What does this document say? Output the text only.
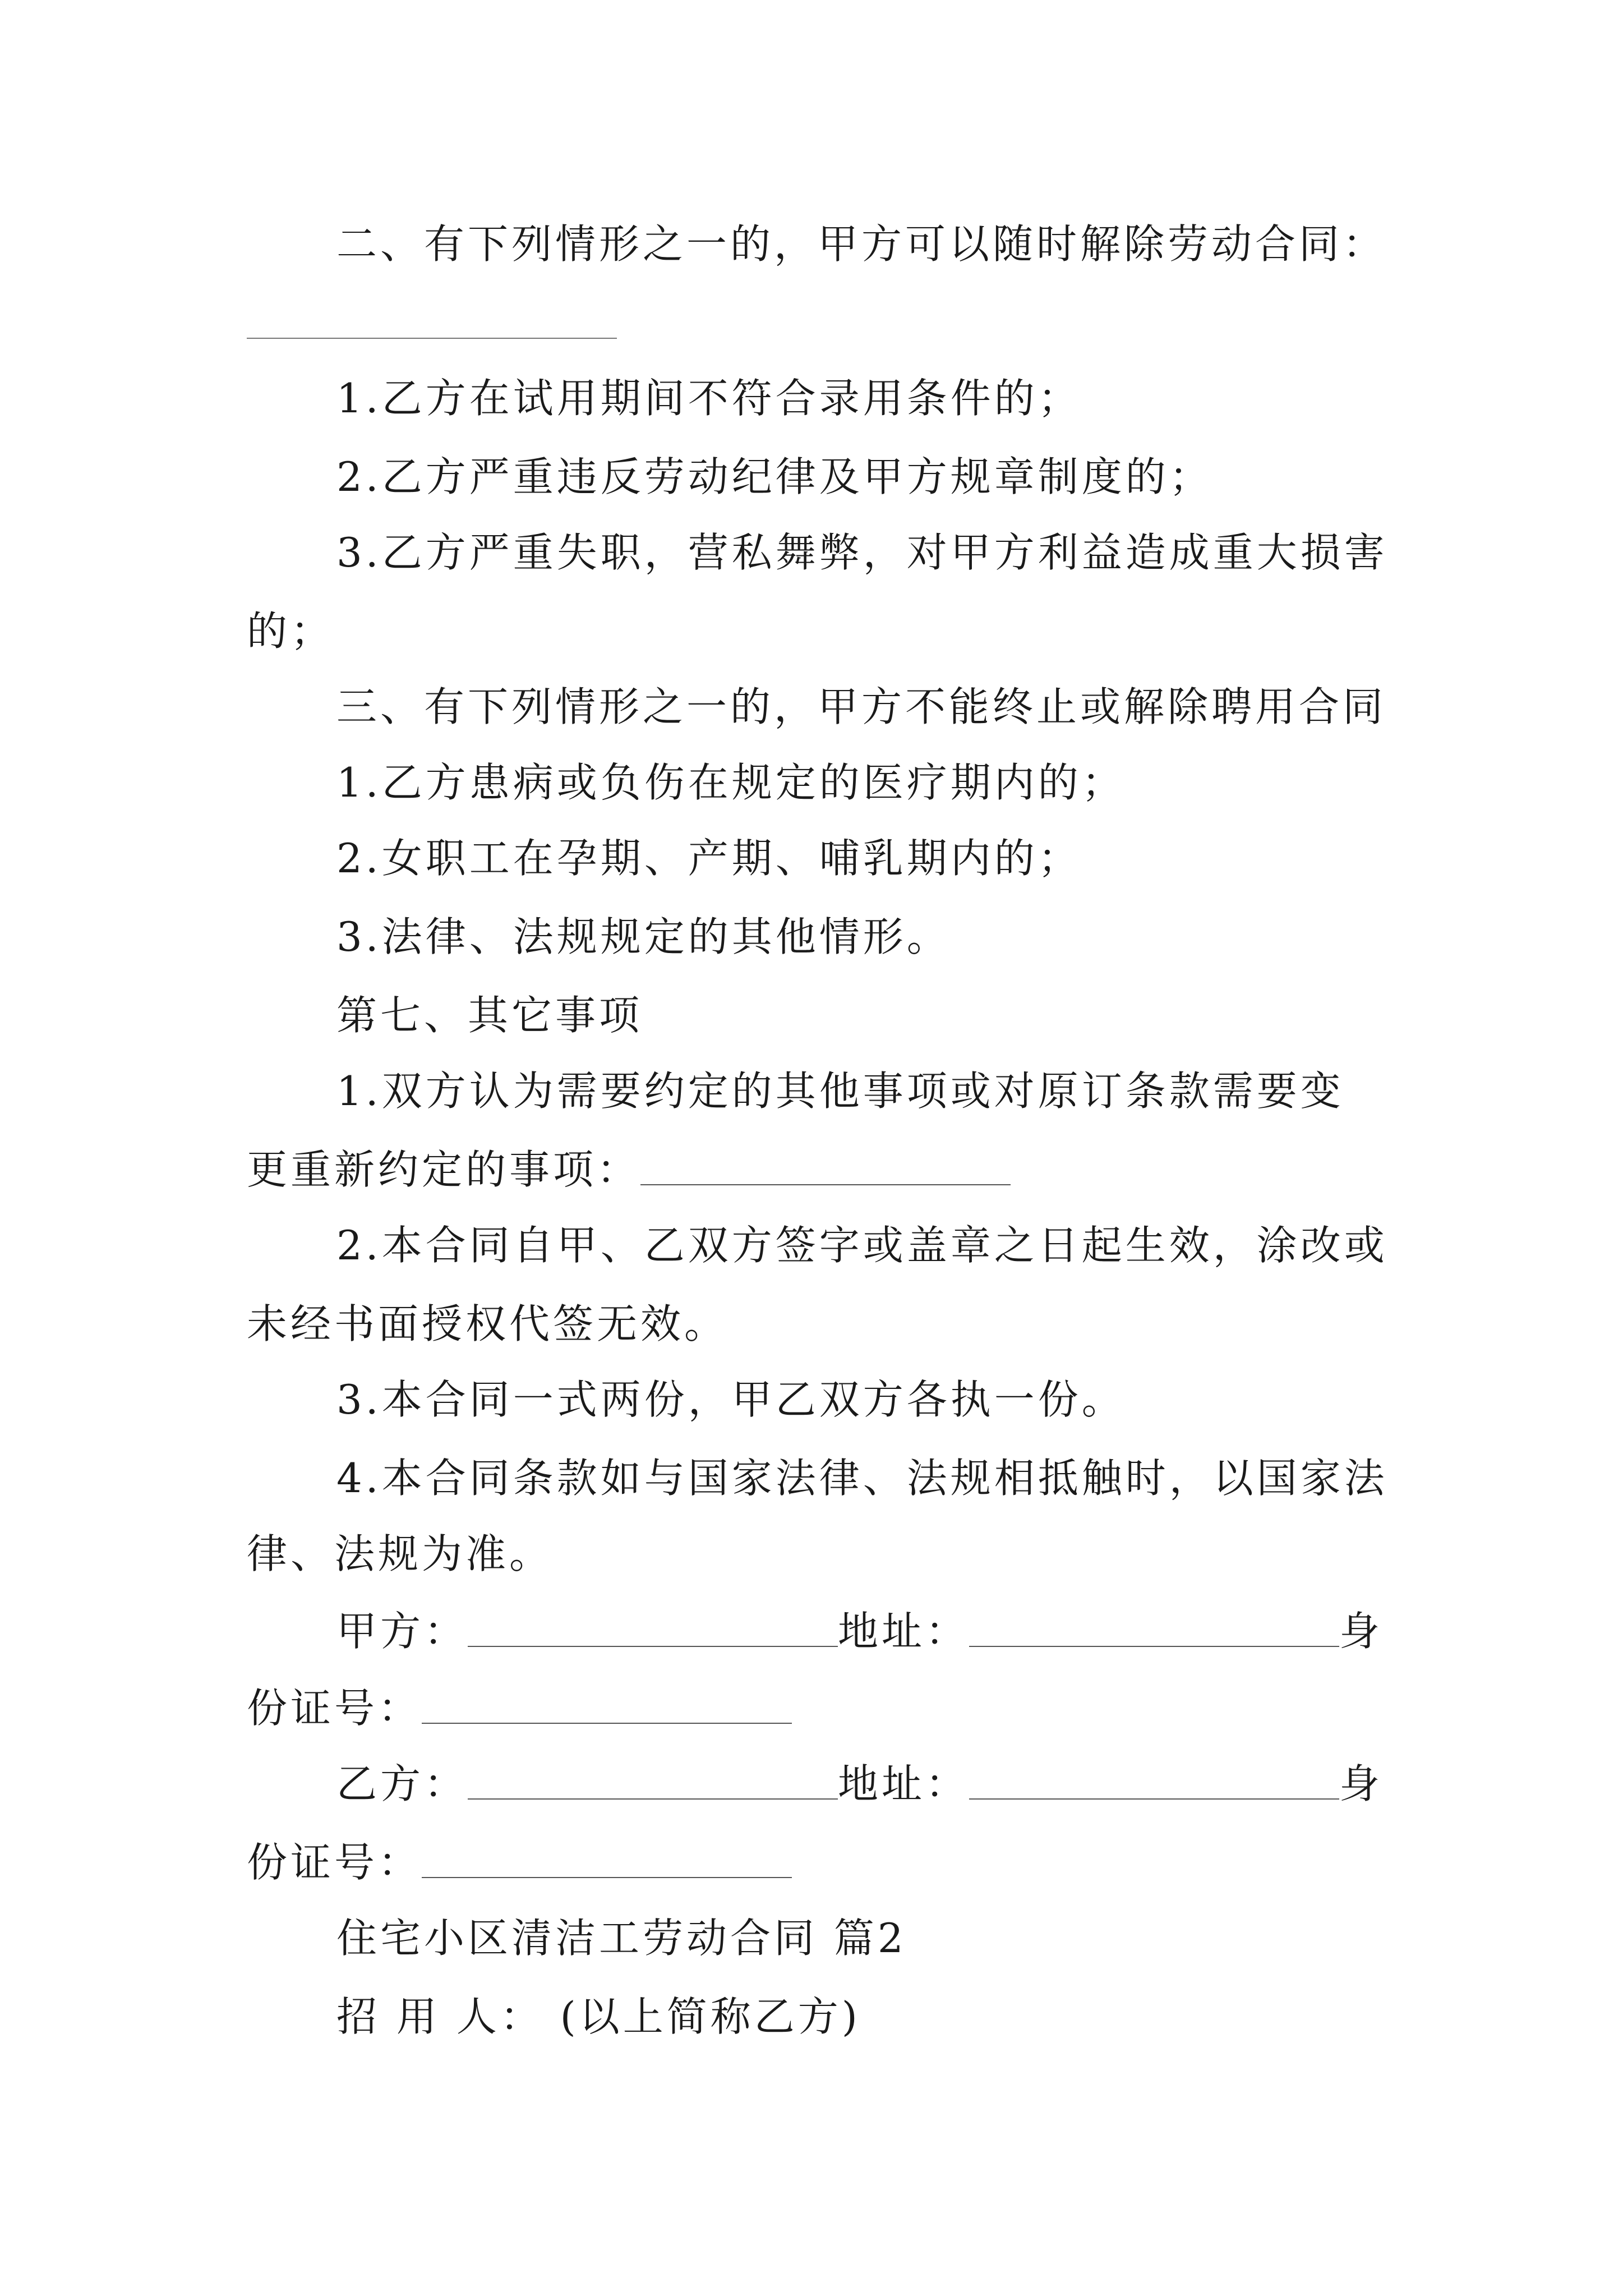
二、有下列情形之一的，甲方可以随时解除劳动合同：
1.乙方在试用期间不符合录用条件的；
2.乙方严重违反劳动纪律及甲方规章制度的；
3.乙方严重失职，营私舞弊，对甲方利益造成重大损害
的；
三、有下列情形之一的，甲方不能终止或解除聘用合同
1.乙方患病或负伤在规定的医疗期内的；
2.女职工在孕期、产期、哺乳期内的；
3.法律、法规规定的其他情形。
第七、其它事项
1.双方认为需要约定的其他事项或对原订条款需要变
更重新约定的事项：
2.本合同自甲、乙双方签字或盖章之日起生效，涂改或
未经书面授权代签无效。
3.本合同一式两份，甲乙双方各执一份。
4.本合同条款如与国家法律、法规相抵触时，以国家法
律、法规为准。
甲方：	地址：	身
份证号：
乙方：	地址：	身
份证号：
住宅小区清洁工劳动合同 篇2
招 用 人： (以上简称乙方)
